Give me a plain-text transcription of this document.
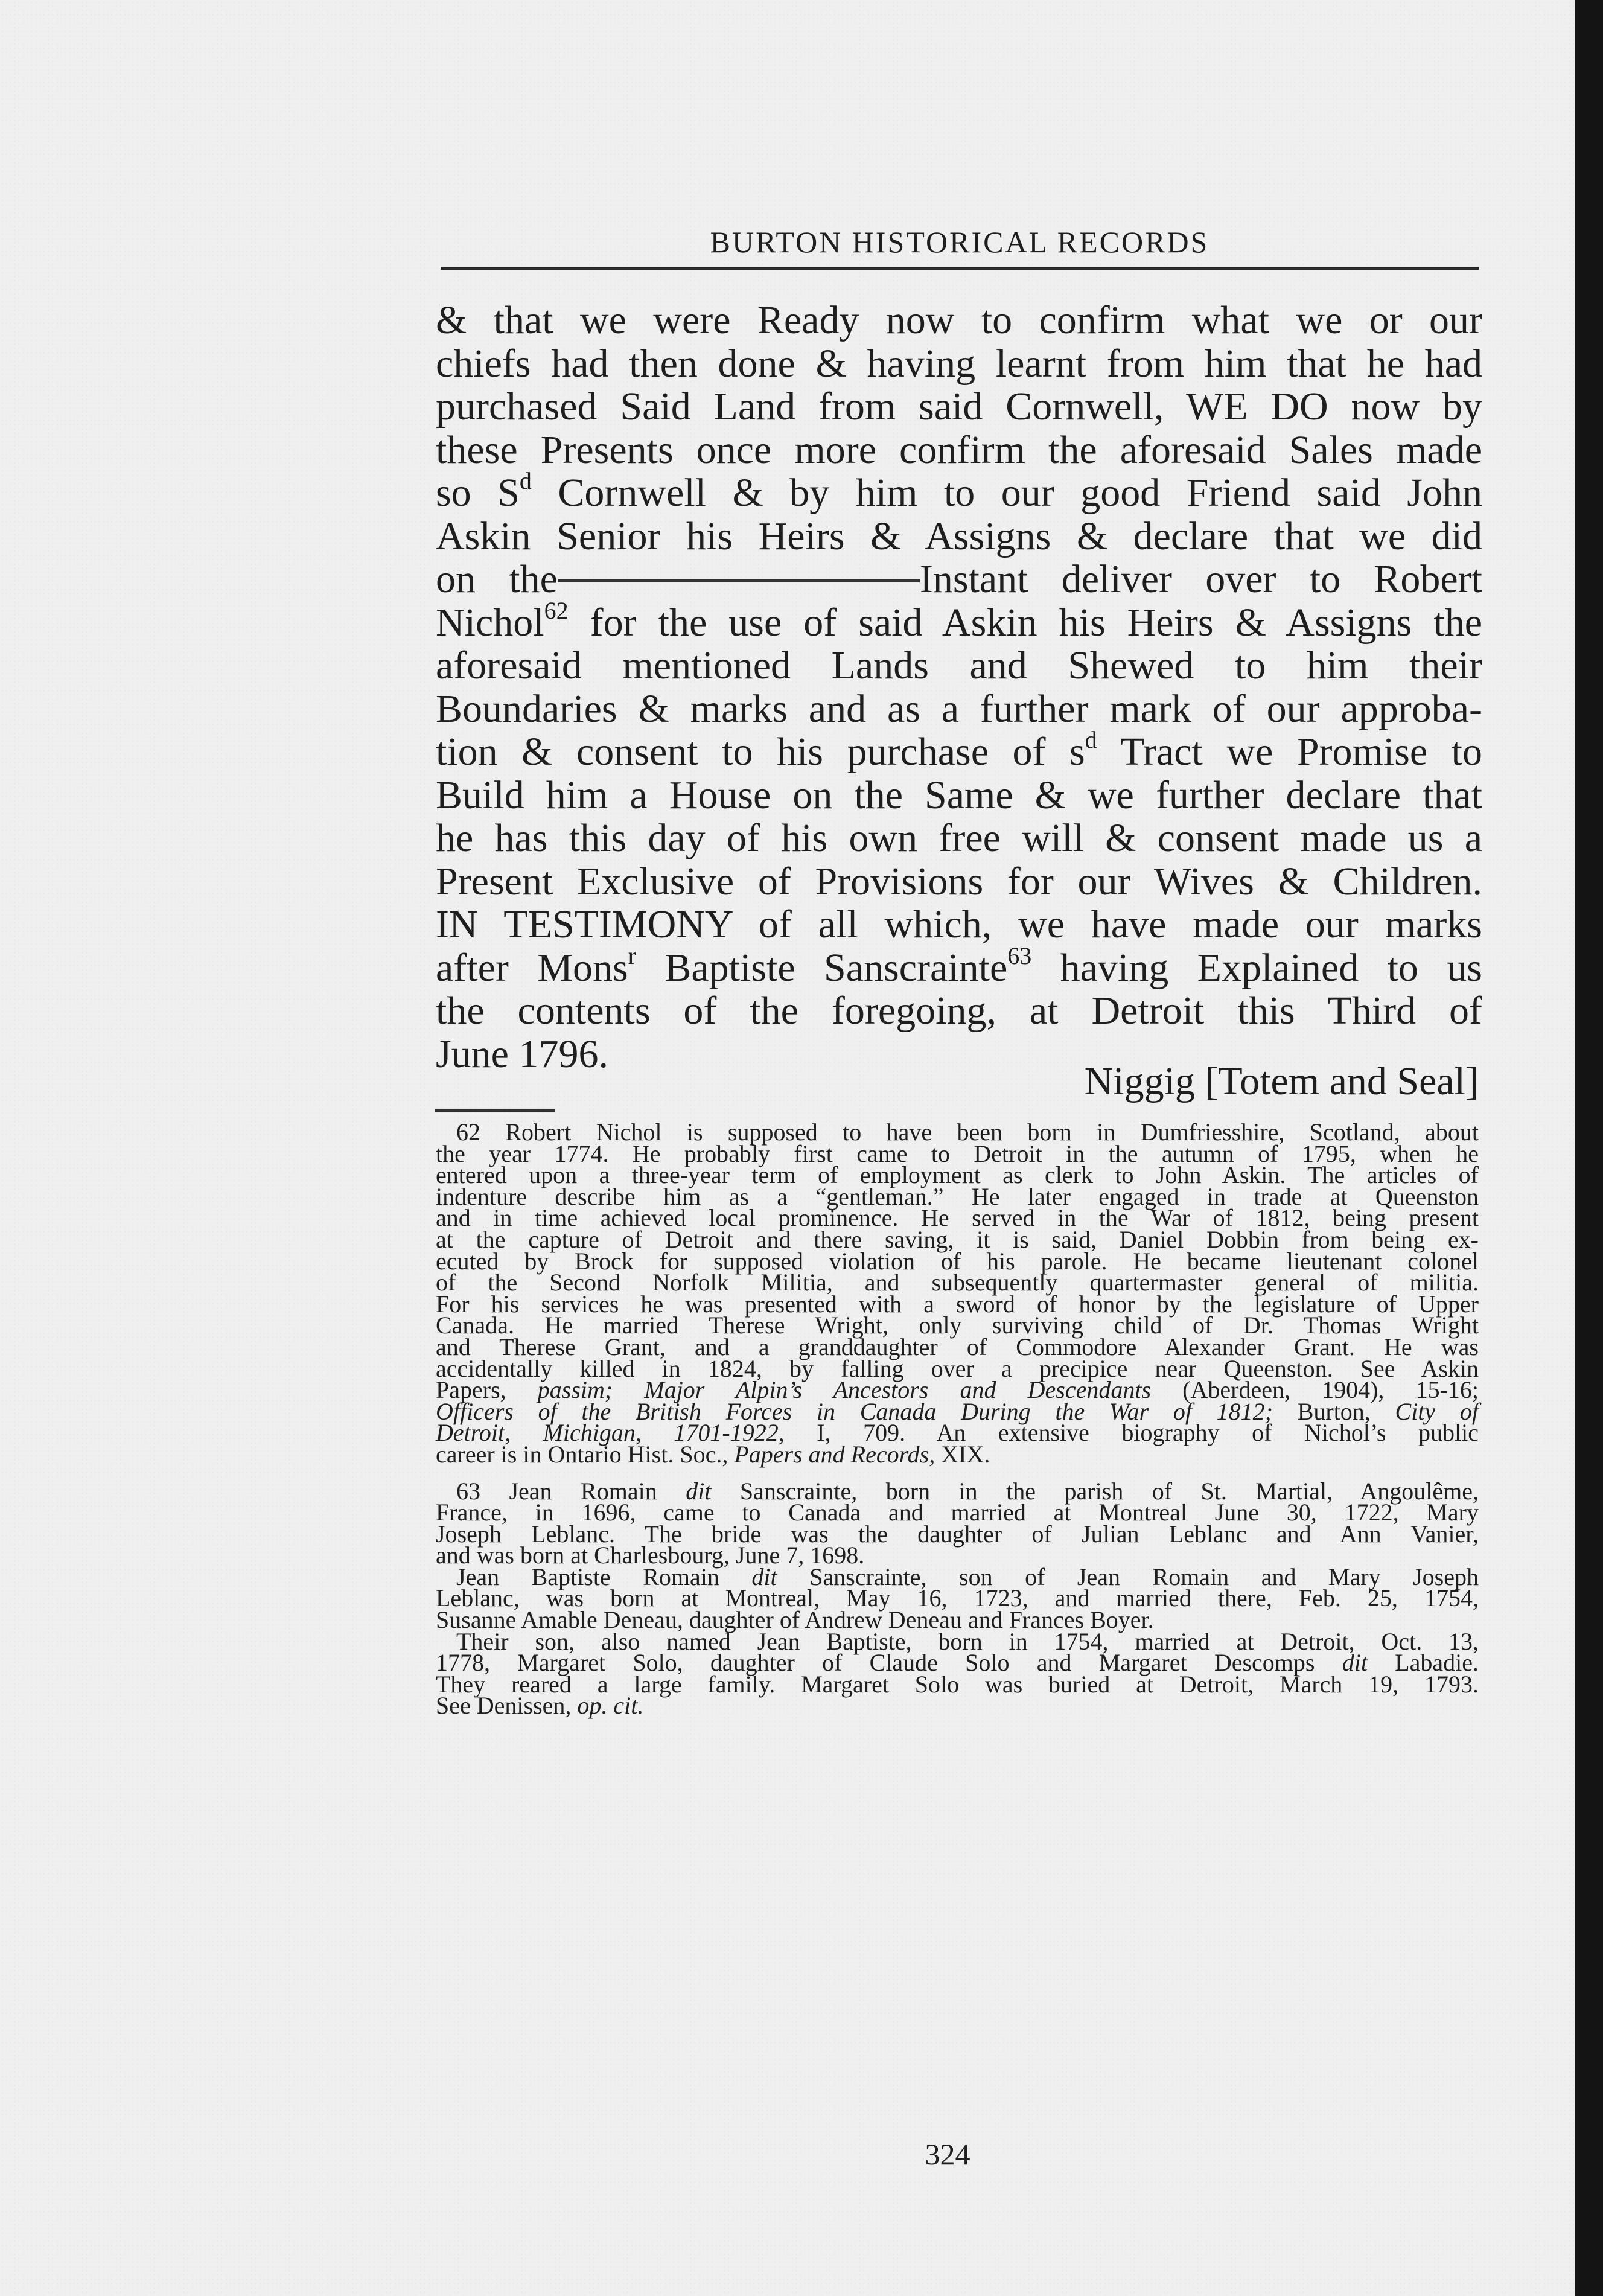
BURTON HISTORICAL RECORDS
& that we were Ready now to confirm what we or our
chiefs had then done & having learnt from him that he had
purchased Said Land from said Cornwell, WE DO now by
these Presents once more confirm the aforesaid Sales made
so $S^d$ Cornwell & by him to our good Friend said John
Askin Senior his Heirs & Assigns & declare that we did
on the	Instant deliver over to Robert
Nichol$^{62}$ for the use of said Askin his Heirs & Assigns the
aforesaid mentioned Lands and Shewed to him their
Boundaries & marks and as a further mark of our approba-
tion & consent to his purchase of $s^d$ Tract we Promise to
Build him a House on the Same & we further declare that
he has this day of his own free will & consent made us a
Present Exclusive of Provisions for our Wives & Children.
IN TESTIMONY of all which, we have made our marks
after Mons$^r$ Baptiste Sanscrainte$^{63}$ having Explained to us
the contents of the foregoing, at Detroit this Third of
June 1796.
Niggig [Totem and Seal]
62 Robert Nichol is supposed to have been born in Dumfriesshire, Scotland, about
the year 1774. He probably first came to Detroit in the autumn of 1795, when he
entered upon a three-year term of employment as clerk to John Askin. The articles of
indenture describe him as a “gentleman.” He later engaged in trade at Queenston
and in time achieved local prominence. He served in the War of 1812, being present
at the capture of Detroit and there saving, it is said, Daniel Dobbin from being ex-
ecuted by Brock for supposed violation of his parole. He became lieutenant colonel
of the Second Norfolk Militia, and subsequently quartermaster general of militia.
For his services he was presented with a sword of honor by the legislature of Upper
Canada. He married Therese Wright, only surviving child of Dr. Thomas Wright
and Therese Grant, and a granddaughter of Commodore Alexander Grant. He was
accidentally killed in 1824, by falling over a precipice near Queenston. See Askin
Papers, passim; Major Alpin’s Ancestors and Descendants (Aberdeen, 1904), 15-16;
Officers of the British Forces in Canada During the War of 1812; Burton, City of
Detroit, Michigan, 1701-1922, I, 709. An extensive biography of Nichol’s public
career is in Ontario Hist. Soc., Papers and Records, XIX.
63 Jean Romain dit Sanscrainte, born in the parish of St. Martial, Angoulême,
France, in 1696, came to Canada and married at Montreal June 30, 1722, Mary
Joseph Leblanc. The bride was the daughter of Julian Leblanc and Ann Vanier,
and was born at Charlesbourg, June 7, 1698.
Jean Baptiste Romain dit Sanscrainte, son of Jean Romain and Mary Joseph
Leblanc, was born at Montreal, May 16, 1723, and married there, Feb. 25, 1754,
Susanne Amable Deneau, daughter of Andrew Deneau and Frances Boyer.
Their son, also named Jean Baptiste, born in 1754, married at Detroit, Oct. 13,
1778, Margaret Solo, daughter of Claude Solo and Margaret Descomps dit Labadie.
They reared a large family. Margaret Solo was buried at Detroit, March 19, 1793.
See Denissen, op. cit.
324
